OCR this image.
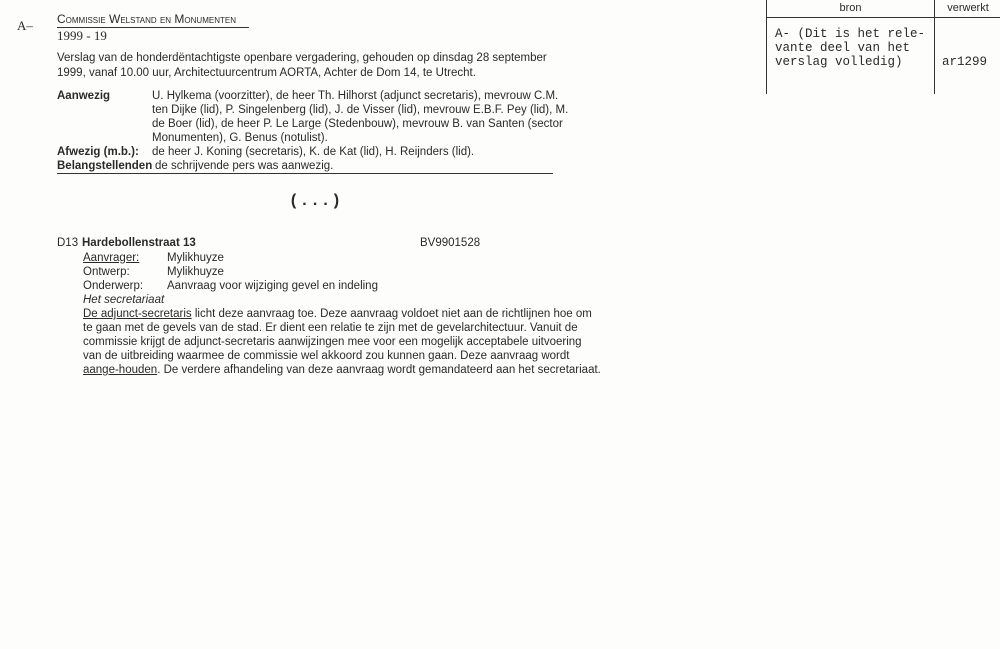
A– Commissie Welstand en Monumenten
1999 - 19
Verslag van de honderdëntachtigste openbare vergadering, gehouden op dinsdag 28 september
1999, vanaf 10.00 uur, Architectuurcentrum AORTA, Achter de Dom 14, te Utrecht.
Aanwezig	U. Hylkema (voorzitter), de heer Th. Hilhorst (adjunct secretaris), mevrouw C.M.
ten Dijke (lid), P. Singelenberg (lid), J. de Visser (lid), mevrouw E.B.F. Pey (lid), M.
de Boer (lid), de heer P. Le Large (Stedenbouw), mevrouw B. van Santen (sector
Monumenten), G. Benus (notulist).
Afwezig (m.b.): de heer J. Koning (secretaris), K. de Kat (lid), H. Reijnders (lid).
Belangstellenden de schrijvende pers was aanwezig.
(...)
D13 Hardebollenstraat 13	BV9901528
Aanvrager: Mylikhuyze
Ontwerp:	Mylikhuyze
Onderwerp: Aanvraag voor wijziging gevel en indeling
Het secretariaat
De adjunct-secretaris licht deze aanvraag toe. Deze aanvraag voldoet niet aan de richtlijnen hoe om
te gaan met de gevels van de stad. Er dient een relatie te zijn met de gevelarchitectuur. Vanuit de
commissie krijgt de adjunct-secretaris aanwijzingen mee voor een mogelijk acceptabele uitvoering
van de uitbreiding waarmee de commissie wel akkoord zou kunnen gaan. Deze aanvraag wordt
aange-houden. De verdere afhandeling van deze aanvraag wordt gemandateerd aan het secretariaat.
bron	verwerkt
A- (Dit is het rele-
vante deel van het
verslag volledig)	ar1299
